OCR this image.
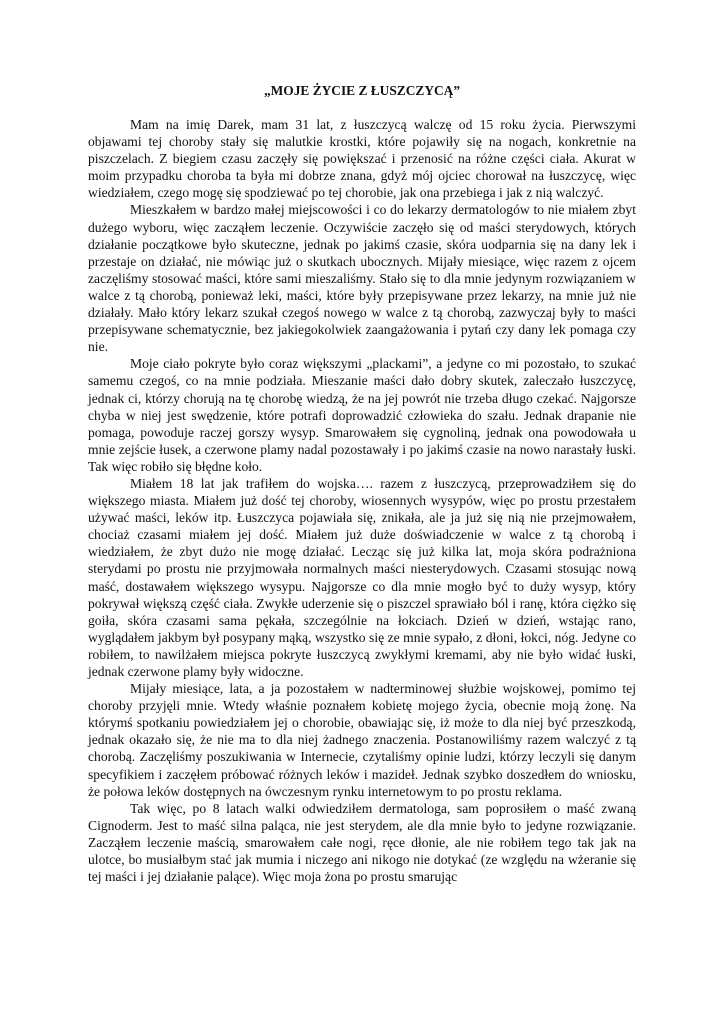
„MOJE ŻYCIE Z ŁUSZCZYCĄ”

Mam na imię Darek, mam 31 lat, z łuszczycą walczę od 15 roku życia. Pierwszymi objawami tej choroby stały się malutkie krostki, które pojawiły się na nogach, konkretnie na piszczelach. Z biegiem czasu zaczęły się powiększać i przenosić na różne części ciała. Akurat w moim przypadku choroba ta była mi dobrze znana, gdyż mój ojciec chorował na łuszczycę, więc wiedziałem, czego mogę się spodziewać po tej chorobie, jak ona przebiega i jak z nią walczyć.

Mieszkałem w bardzo małej miejscowości i co do lekarzy dermatologów to nie miałem zbyt dużego wyboru, więc zacząłem leczenie. Oczywiście zaczęło się od maści sterydowych, których działanie początkowe było skuteczne, jednak po jakimś czasie, skóra uodparnia się na dany lek i przestaje on działać, nie mówiąc już o skutkach ubocznych. Mijały miesiące, więc razem z ojcem zaczęliśmy stosować maści, które sami mieszaliśmy. Stało się to dla mnie jedynym rozwiązaniem w walce z tą chorobą, ponieważ leki, maści, które były przepisywane przez lekarzy, na mnie już nie działały. Mało który lekarz szukał czegoś nowego w walce z tą chorobą, zazwyczaj były to maści przepisywane schematycznie, bez jakiegokolwiek zaangażowania i pytań czy dany lek pomaga czy nie.

Moje ciało pokryte było coraz większymi „plackami”, a jedyne co mi pozostało, to szukać samemu czegoś, co na mnie podziała. Mieszanie maści dało dobry skutek, zaleczało łuszczycę, jednak ci, którzy chorują na tę chorobę wiedzą, że na jej powrót nie trzeba długo czekać. Najgorsze chyba w niej jest swędzenie, które potrafi doprowadzić człowieka do szału. Jednak drapanie nie pomaga, powoduje raczej gorszy wysyp. Smarowałem się cygnoliną, jednak ona powodowała u mnie zejście łusek, a czerwone plamy nadal pozostawały i po jakimś czasie na nowo narastały łuski. Tak więc robiło się błędne koło.

Miałem 18 lat jak trafiłem do wojska…. razem z łuszczycą, przeprowadziłem się do większego miasta. Miałem już dość tej choroby, wiosennych wysypów, więc po prostu przestałem używać maści, leków itp. Łuszczyca pojawiała się, znikała, ale ja już się nią nie przejmowałem, chociaż czasami miałem jej dość. Miałem już duże doświadczenie w walce z tą chorobą i wiedziałem, że zbyt dużo nie mogę działać. Lecząc się już kilka lat, moja skóra podrażniona sterydami po prostu nie przyjmowała normalnych maści niesterydowych. Czasami stosując nową maść, dostawałem większego wysypu. Najgorsze co dla mnie mogło być to duży wysyp, który pokrywał większą część ciała. Zwykłe uderzenie się o piszczel sprawiało ból i ranę, która ciężko się goiła, skóra czasami sama pękała, szczególnie na łokciach. Dzień w dzień, wstając rano, wyglądałem jakbym był posypany mąką, wszystko się ze mnie sypało, z dłoni, łokci, nóg. Jedyne co robiłem, to nawilżałem miejsca pokryte łuszczycą zwykłymi kremami, aby nie było widać łuski, jednak czerwone plamy były widoczne.

Mijały miesiące, lata, a ja pozostałem w nadterminowej służbie wojskowej, pomimo tej choroby przyjęli mnie. Wtedy właśnie poznałem kobietę mojego życia, obecnie moją żonę. Na którymś spotkaniu powiedziałem jej o chorobie, obawiając się, iż może to dla niej być przeszkodą, jednak okazało się, że nie ma to dla niej żadnego znaczenia. Postanowiliśmy razem walczyć z tą chorobą. Zaczęliśmy poszukiwania w Internecie, czytaliśmy opinie ludzi, którzy leczyli się danym specyfikiem i zaczęłem próbować różnych leków i mazideł. Jednak szybko doszedłem do wniosku, że połowa leków dostępnych na ówczesnym rynku internetowym to po prostu reklama.

Tak więc, po 8 latach walki odwiedziłem dermatologa, sam poprosiłem o maść zwaną Cignoderm. Jest to maść silna paląca, nie jest sterydem, ale dla mnie było to jedyne rozwiązanie. Zacząłem leczenie maścią, smarowałem całe nogi, ręce dłonie, ale nie robiłem tego tak jak na ulotce, bo musiałbym stać jak mumia i niczego ani nikogo nie dotykać (ze względu na wżeranie się tej maści i jej działanie palące). Więc moja żona po prostu smarując
